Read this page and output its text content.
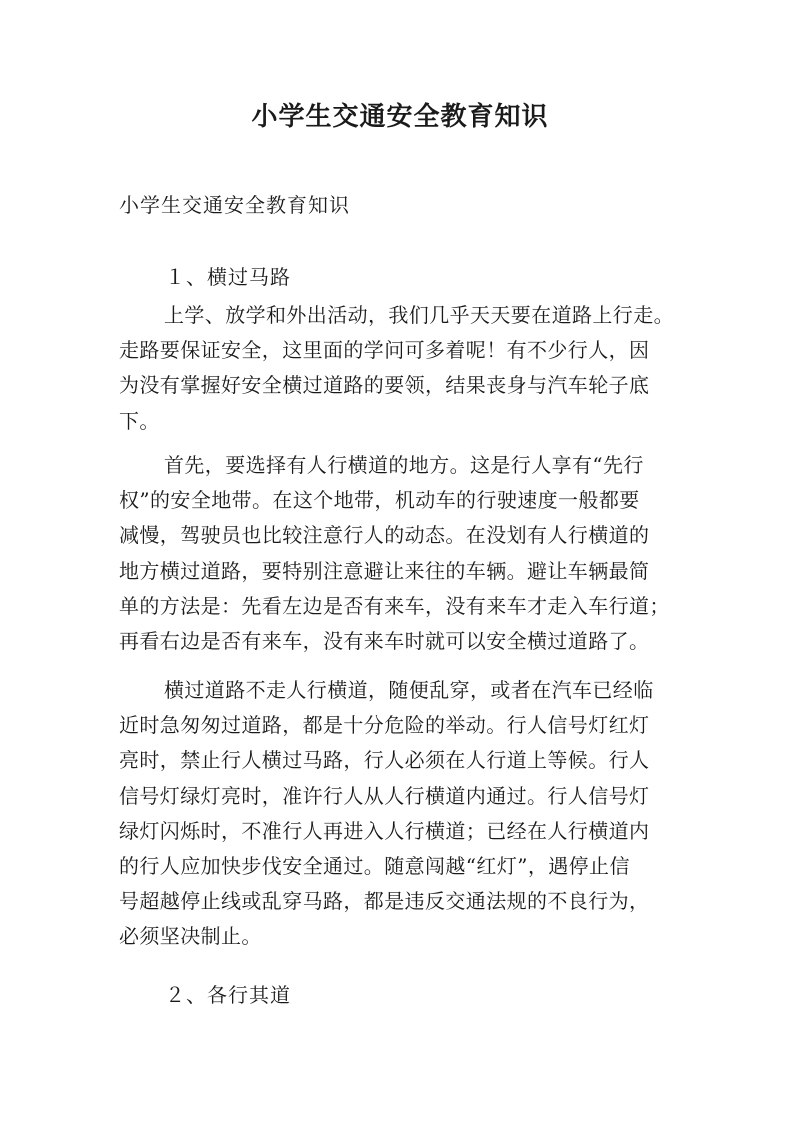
小学生交通安全教育知识
小学生交通安全教育知识
１、横过马路
上学、放学和外出活动，我们几乎天天要在道路上行走。
走路要保证安全，这里面的学问可多着呢！有不少行人，因
为没有掌握好安全横过道路的要领，结果丧身与汽车轮子底
下。
首先，要选择有人行横道的地方。这是行人享有“先行
权”的安全地带。在这个地带，机动车的行驶速度一般都要
减慢，驾驶员也比较注意行人的动态。在没划有人行横道的
地方横过道路，要特别注意避让来往的车辆。避让车辆最简
单的方法是：先看左边是否有来车，没有来车才走入车行道；
再看右边是否有来车，没有来车时就可以安全横过道路了。
横过道路不走人行横道，随便乱穿，或者在汽车已经临
近时急匆匆过道路，都是十分危险的举动。行人信号灯红灯
亮时，禁止行人横过马路，行人必须在人行道上等候。行人
信号灯绿灯亮时，准许行人从人行横道内通过。行人信号灯
绿灯闪烁时，不准行人再进入人行横道；已经在人行横道内
的行人应加快步伐安全通过。随意闯越“红灯”，遇停止信
号超越停止线或乱穿马路，都是违反交通法规的不良行为，
必须坚决制止。
２、各行其道
